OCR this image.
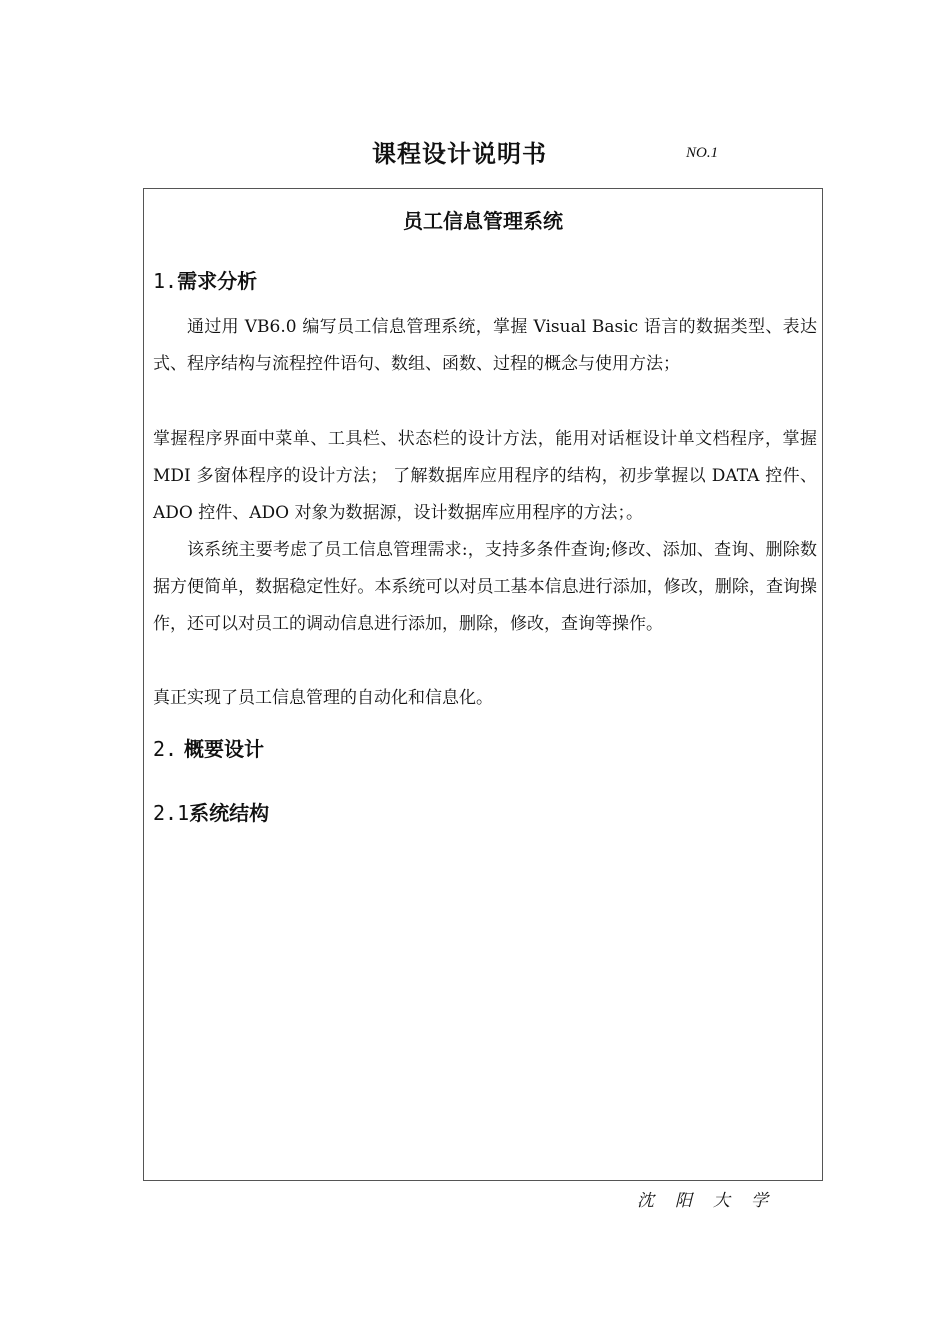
课程设计说明书	NO.1
员工信息管理系统
1.需求分析
通过用 VB6.0 编写员工信息管理系统，掌握 Visual Basic 语言的数据类型、表达式、程序结构与流程控件语句、数组、函数、过程的概念与使用方法；
掌握程序界面中菜单、工具栏、状态栏的设计方法，能用对话框设计单文档程序，掌握 MDI 多窗体程序的设计方法； 了解数据库应用程序的结构，初步掌握以 DATA 控件、ADO 控件、ADO 对象为数据源，设计数据库应用程序的方法；。
该系统主要考虑了员工信息管理需求:，支持多条件查询;修改、添加、查询、删除数据方便简单，数据稳定性好。本系统可以对员工基本信息进行添加，修改，删除，查询操作，还可以对员工的调动信息进行添加，删除，修改，查询等操作。
真正实现了员工信息管理的自动化和信息化。
2. 概要设计
2.1系统结构
沈阳大学
